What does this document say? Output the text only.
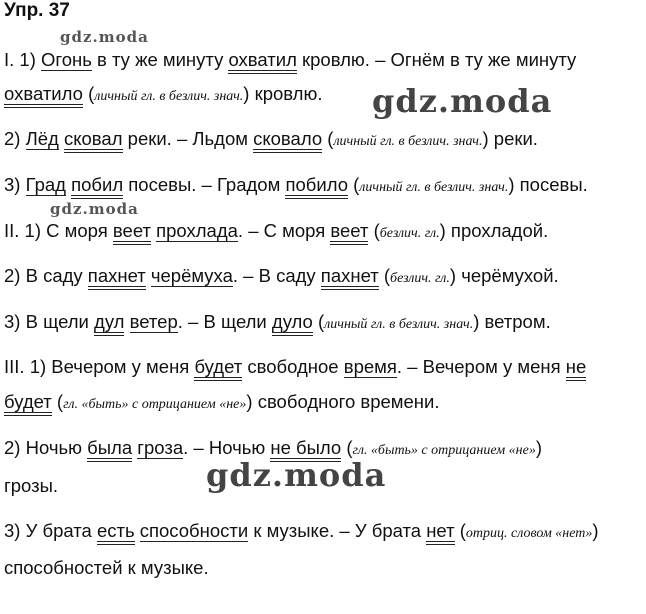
Упр. 37
I. 1) Огонь в ту же минуту охватил кровлю. – Огнём в ту же минуту
охватило (личный гл. в безлич. знач.) кровлю.
2) Лёд сковал реки. – Льдом сковало (личный гл. в безлич. знач.) реки.
3) Град побил посевы. – Градом побило (личный гл. в безлич. знач.) посевы.
II. 1) С моря веет прохлада. – С моря веет (безлич. гл.) прохладой.
2) В саду пахнет черёмуха. – В саду пахнет (безлич. гл.) черёмухой.
3) В щели дул ветер. – В щели дуло (личный гл. в безлич. знач.) ветром.
III. 1) Вечером у меня будет свободное время. – Вечером у меня не
будет (гл. «быть» с отрицанием «не») свободного времени.
2) Ночью была гроза. – Ночью не было (гл. «быть» с отрицанием «не»)
грозы.
3) У брата есть способности к музыке. – У брата нет (отриц. словом «нет»)
способностей к музыке.
gdz.moda
gdz.moda
gdz.moda
gdz.moda
